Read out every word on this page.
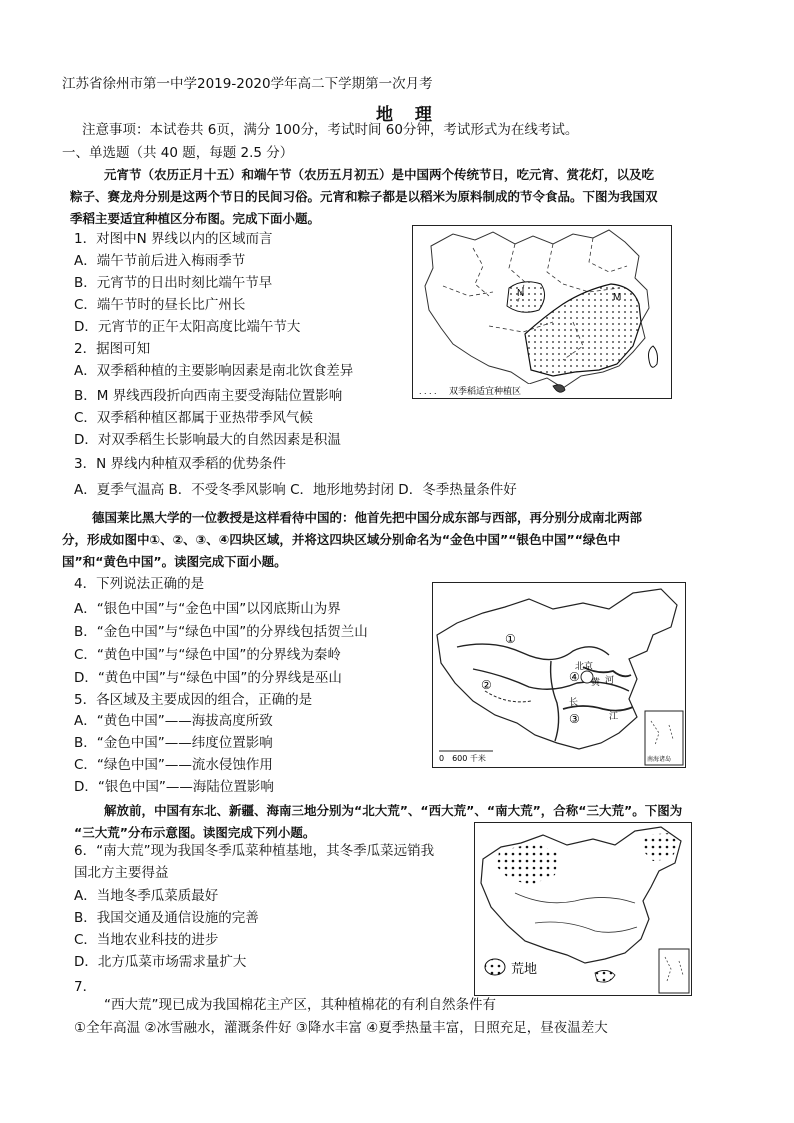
江苏省徐州市第一中学2019-2020学年高二下学期第一次月考
地 理
注意事项：本试卷共 6页，满分 100分，考试时间 60分钟，考试形式为在线考试。
一、单选题（共 40 题，每题 2.5 分）
元宵节（农历正月十五）和端午节（农历五月初五）是中国两个传统节日，吃元宵、赏花灯，以及吃
粽子、赛龙舟分别是这两个节日的民间习俗。元宵和粽子都是以稻米为原料制成的节令食品。下图为我国双
季稻主要适宜种植区分布图。完成下面小题。
N	M
. . . . 双季稻适宜种植区
1．对图中N 界线以内的区域而言
A．端午节前后进入梅雨季节
B．元宵节的日出时刻比端午节早
C．端午节时的昼长比广州长
D．元宵节的正午太阳高度比端午节大
2．据图可知
A．双季稻种植的主要影响因素是南北饮食差异
B．M 界线西段折向西南主要受海陆位置影响
C．双季稻种植区都属于亚热带季风气候
D．对双季稻生长影响最大的自然因素是积温
3．N 界线内种植双季稻的优势条件
A．夏季气温高 B．不受冬季风影响 C．地形地势封闭 D．冬季热量条件好
德国莱比黑大学的一位教授是这样看待中国的：他首先把中国分成东部与西部，再分别分成南北两部
分，形成如图中①、②、③、④四块区域，并将这四块区域分别命名为“金色中国”“银色中国”“绿色中
国”和“黄色中国”。读图完成下面小题。
①
②
③
④
北京
黄 河
长
江
0　600 千米	南海诸岛
4．下列说法正确的是
A．“银色中国”与“金色中国”以冈底斯山为界
B．“金色中国”与“绿色中国”的分界线包括贺兰山
C．“黄色中国”与“绿色中国”的分界线为秦岭
D．“黄色中国”与“绿色中国”的分界线是巫山
5．各区域及主要成因的组合，正确的是
A．“黄色中国”——海拔高度所致
B．“金色中国”——纬度位置影响
C．“绿色中国”——流水侵蚀作用
D．“银色中国”——海陆位置影响
解放前，中国有东北、新疆、海南三地分别为“北大荒”、“西大荒”、“南大荒”，合称“三大荒”。下图为
“三大荒”分布示意图。读图完成下列小题。
荒地
6．“南大荒”现为我国冬季瓜菜种植基地，其冬季瓜菜远销我
国北方主要得益
A．当地冬季瓜菜质最好
B．我国交通及通信设施的完善
C．当地农业科技的进步
D．北方瓜菜市场需求量扩大
7．
“西大荒”现已成为我国棉花主产区，其种植棉花的有利自然条件有
①全年高温 ②冰雪融水，灌溉条件好 ③降水丰富 ④夏季热量丰富，日照充足，昼夜温差大
